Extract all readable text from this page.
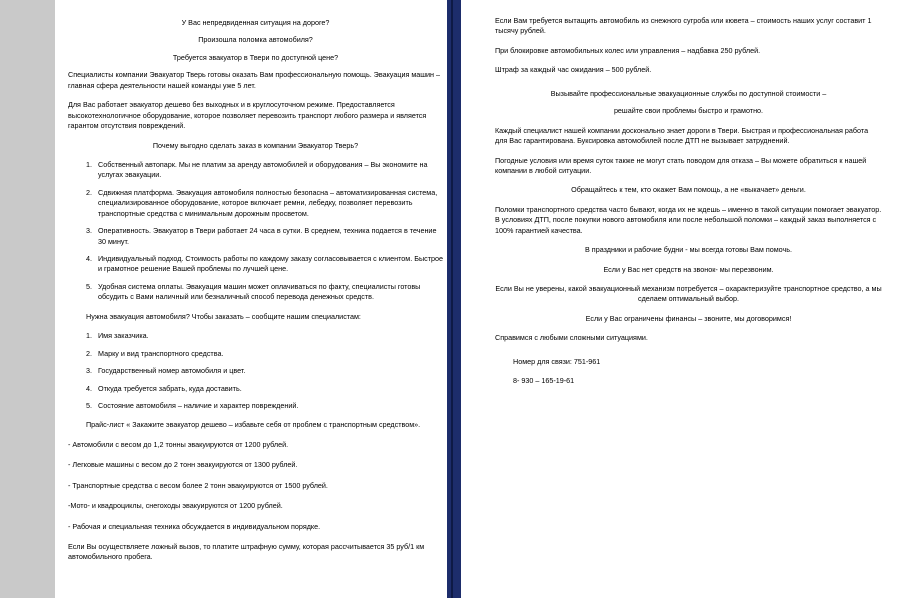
У Вас непредвиденная ситуация на дороге?

Произошла поломка автомобиля?

Требуется эвакуатор в Твери по доступной цене?

Специалисты компании Эвакуатор Тверь готовы оказать Вам профессиональную помощь. Эвакуация машин – главная сфера деятельности нашей команды уже 5 лет.

Для Вас работает эвакуатор дешево без выходных и в круглосуточном режиме. Предоставляется высокотехнологичное оборудование, которое позволяет перевозить транспорт любого размера и является гарантом отсутствия повреждений.

Почему выгодно сделать заказ в компании Эвакуатор Тверь?

1. Собственный автопарк. Мы не платим за аренду автомобилей и оборудования – Вы экономите на услугах эвакуации.
2. Сдвижная платформа. Эвакуация автомобиля полностью безопасна – автоматизированная система, специализированное оборудование, которое включает ремни, лебедку, позволяет перевозить транспортные средства с минимальным дорожным просветом.
3. Оперативность. Эвакуатор в Твери работает 24 часа в сутки. В среднем, техника подается в течение 30 минут.
4. Индивидуальный подход. Стоимость работы по каждому заказу согласовывается с клиентом. Быстрое и грамотное решение Вашей проблемы по лучшей цене.
5. Удобная система оплаты. Эвакуация машин может оплачиваться по факту, специалисты готовы обсудить с Вами наличный или безналичный способ перевода денежных средств.

Нужна эвакуация автомобиля? Чтобы заказать – сообщите нашим специалистам:

1. Имя заказчика.
2. Марку и вид транспортного средства.
3. Государственный номер автомобиля и цвет.
4. Откуда требуется забрать, куда доставить.
5. Состояние автомобиля – наличие и характер повреждений.

Прайс-лист « Закажите эвакуатор дешево – избавьте себя от проблем с транспортным средством».

- Автомобили с весом до 1,2 тонны эвакуируются от 1200 рублей.

- Легковые машины с весом до 2 тонн эвакуируются от 1300 рублей.

- Транспортные средства с весом более 2 тонн эвакуируются от 1500 рублей.

-Мото- и квадроциклы, снегоходы эвакуируются от 1200 рублей.

- Рабочая и специальная техника обсуждается в индивидуальном порядке.

Если Вы осуществляете ложный вызов, то платите штрафную сумму, которая рассчитывается 35 руб/1 км автомобильного пробега.

Если Вам требуется вытащить автомобиль из снежного сугроба или кювета – стоимость наших услуг составит 1 тысячу рублей.

При блокировке автомобильных колес или управления – надбавка 250 рублей.

Штраф за каждый час ожидания – 500 рублей.

Вызывайте профессиональные эвакуационные службы по доступной стоимости –

решайте свои проблемы быстро и грамотно.

Каждый специалист нашей компании досконально знает дороги в Твери. Быстрая и профессиональная работа для Вас гарантирована. Буксировка автомобилей после ДТП не вызывает затруднений.

Погодные условия или время суток также не могут стать поводом для отказа – Вы можете обратиться к нашей компании в любой ситуации.

Обращайтесь к тем, кто окажет Вам помощь, а не «выкачает» деньги.

Поломки транспортного средства часто бывают, когда их не ждешь – именно в такой ситуации помогает эвакуатор. В условиях ДТП, после покупки нового автомобиля или после небольшой поломки – каждый заказ выполняется с 100% гарантией качества.

В праздники и рабочие будни - мы всегда готовы Вам помочь.

Если у Вас нет средств на звонок- мы перезвоним.

Если Вы не уверены, какой эвакуационный механизм потребуется – охарактеризуйте транспортное средство, а мы сделаем оптимальный выбор.

Если у Вас ограничены финансы – звоните, мы договоримся!

Справимся с любыми сложными ситуациями.

Номер для связи: 751-961

8- 930 – 165-19-61
